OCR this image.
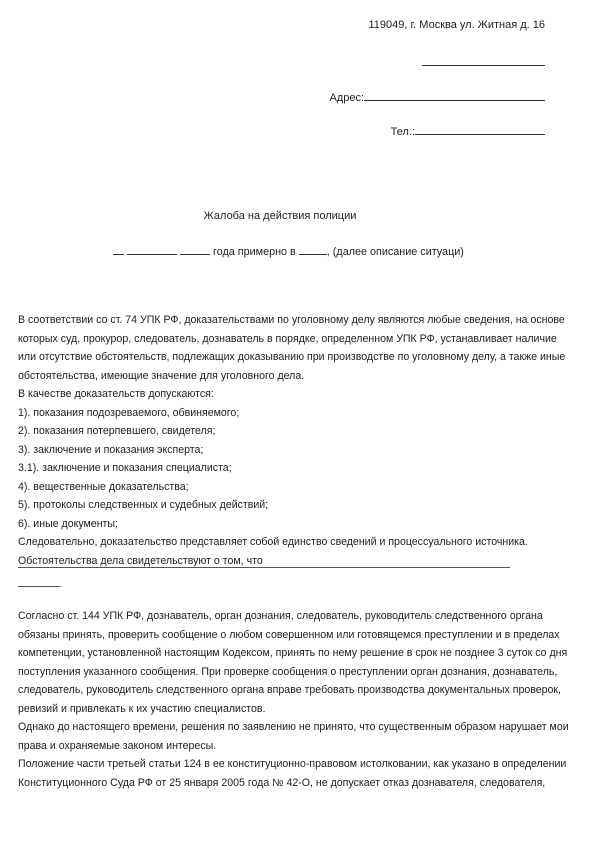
119049, г. Москва ул. Житная д. 16
Адрес:
Тел.:
Жалоба на действия полиции
года примерно в	, (далее описание ситуаци)
В соответствии со ст. 74 УПК РФ, доказательствами по уголовному делу являются любые сведения, на основе
которых суд, прокурор, следователь, дознаватель в порядке, определенном УПК РФ, устанавливает наличие
или отсутствие обстоятельств, подлежащих доказыванию при производстве по уголовному делу, а также иные
обстоятельства, имеющие значение для уголовного дела.
В качестве доказательств допускаются:
1). показания подозреваемого, обвиняемого;
2). показания потерпевшего, свидетеля;
3). заключение и показания эксперта;
3.1). заключение и показания специалиста;
4). вещественные доказательства;
5). протоколы следственных и судебных действий;
6). иные документы;
Следовательно, доказательство представляет собой единство сведений и процессуального источника.
Обстоятельства дела свидетельствуют о том, что
.
Согласно ст. 144 УПК РФ, дознаватель, орган дознания, следователь, руководитель следственного органа
обязаны принять, проверить сообщение о любом совершенном или готовящемся преступлении и в пределах
компетенции, установленной настоящим Кодексом, принять по нему решение в срок не позднее 3 суток со дня
поступления указанного сообщения. При проверке сообщения о преступлении орган дознания, дознаватель,
следователь, руководитель следственного органа вправе требовать производства документальных проверок,
ревизий и привлекать к их участию специалистов.
Однако до настоящего времени, решения по заявлению не принято, что существенным образом нарушает мои
права и охраняемые законом интересы.
Положение части третьей статьи 124 в ее конституционно-правовом истолковании, как указано в определении
Конституционного Суда РФ от 25 января 2005 года № 42-О, не допускает отказ дознавателя, следователя,
